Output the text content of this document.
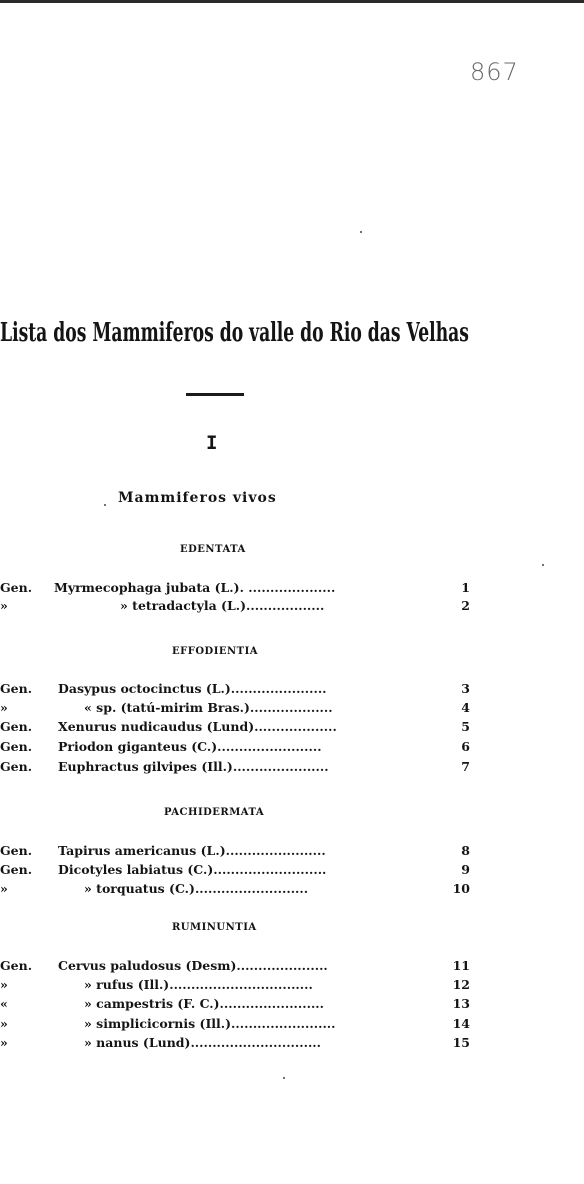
867
Lista dos Mammiferos do valle do Rio das Velhas
I
Mammiferos vivos
EDENTATA
Gen. Myrmecophaga jubata (L.). ....................	1
»	» tetradactyla (L.)..................	2
EFFODIENTIA
Gen. Dasypus octocinctus (L.)......................	3
»	« sp. (tatú-mirim Bras.)...................	4
Gen. Xenurus nudicaudus (Lund)...................	5
Gen. Priodon giganteus (C.)........................	6
Gen. Euphractus gilvipes (Ill.)......................	7
PACHIDERMATA
Gen. Tapirus americanus (L.).......................	8
Gen. Dicotyles labiatus (C.)..........................	9
»	» torquatus (C.)..........................	10
RUMINUNTIA
Gen. Cervus paludosus (Desm).....................	11
»	» rufus (Ill.).................................	12
«	» campestris (F. C.)........................	13
»	» simplicicornis (Ill.)........................	14
»	» nanus (Lund)..............................	15
